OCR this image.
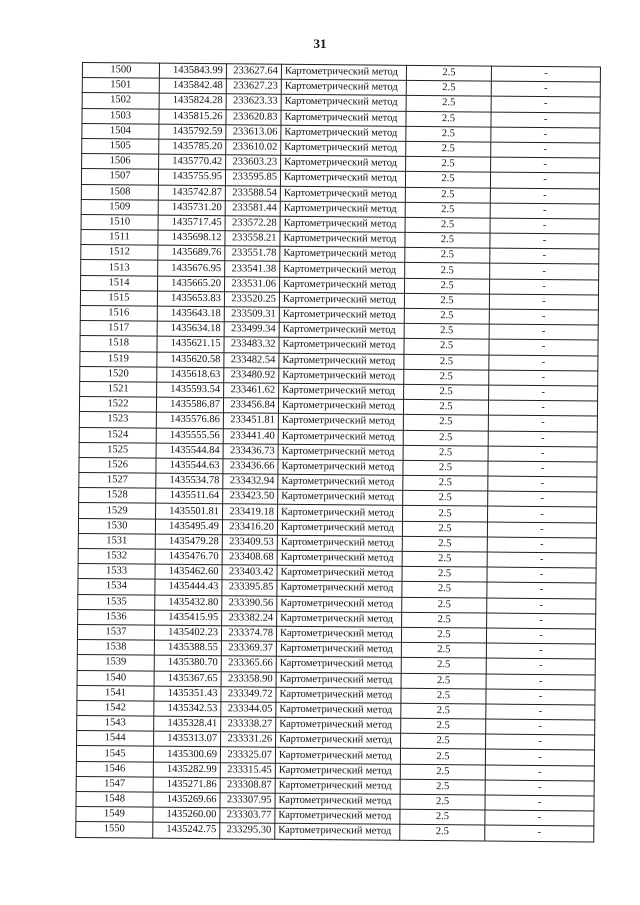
31
1500	1435843.99	233627.64	Картометрический метод	2.5	-
1501	1435842.48	233627.23	Картометрический метод	2.5	-
1502	1435824.28	233623.33	Картометрический метод	2.5	-
1503	1435815.26	233620.83	Картометрический метод	2.5	-
1504	1435792.59	233613.06	Картометрический метод	2.5	-
1505	1435785.20	233610.02	Картометрический метод	2.5	-
1506	1435770.42	233603.23	Картометрический метод	2.5	-
1507	1435755.95	233595.85	Картометрический метод	2.5	-
1508	1435742.87	233588.54	Картометрический метод	2.5	-
1509	1435731.20	233581.44	Картометрический метод	2.5	-
1510	1435717.45	233572.28	Картометрический метод	2.5	-
1511	1435698.12	233558.21	Картометрический метод	2.5	-
1512	1435689.76	233551.78	Картометрический метод	2.5	-
1513	1435676.95	233541.38	Картометрический метод	2.5	-
1514	1435665.20	233531.06	Картометрический метод	2.5	-
1515	1435653.83	233520.25	Картометрический метод	2.5	-
1516	1435643.18	233509.31	Картометрический метод	2.5	-
1517	1435634.18	233499.34	Картометрический метод	2.5	-
1518	1435621.15	233483.32	Картометрический метод	2.5	-
1519	1435620.58	233482.54	Картометрический метод	2.5	-
1520	1435618.63	233480.92	Картометрический метод	2.5	-
1521	1435593.54	233461.62	Картометрический метод	2.5	-
1522	1435586.87	233456.84	Картометрический метод	2.5	-
1523	1435576.86	233451.81	Картометрический метод	2.5	-
1524	1435555.56	233441.40	Картометрический метод	2.5	-
1525	1435544.84	233436.73	Картометрический метод	2.5	-
1526	1435544.63	233436.66	Картометрический метод	2.5	-
1527	1435534.78	233432.94	Картометрический метод	2.5	-
1528	1435511.64	233423.50	Картометрический метод	2.5	-
1529	1435501.81	233419.18	Картометрический метод	2.5	-
1530	1435495.49	233416.20	Картометрический метод	2.5	-
1531	1435479.28	233409.53	Картометрический метод	2.5	-
1532	1435476.70	233408.68	Картометрический метод	2.5	-
1533	1435462.60	233403.42	Картометрический метод	2.5	-
1534	1435444.43	233395.85	Картометрический метод	2.5	-
1535	1435432.80	233390.56	Картометрический метод	2.5	-
1536	1435415.95	233382.24	Картометрический метод	2.5	-
1537	1435402.23	233374.78	Картометрический метод	2.5	-
1538	1435388.55	233369.37	Картометрический метод	2.5	-
1539	1435380.70	233365.66	Картометрический метод	2.5	-
1540	1435367.65	233358.90	Картометрический метод	2.5	-
1541	1435351.43	233349.72	Картометрический метод	2.5	-
1542	1435342.53	233344.05	Картометрический метод	2.5	-
1543	1435328.41	233338.27	Картометрический метод	2.5	-
1544	1435313.07	233331.26	Картометрический метод	2.5	-
1545	1435300.69	233325.07	Картометрический метод	2.5	-
1546	1435282.99	233315.45	Картометрический метод	2.5	-
1547	1435271.86	233308.87	Картометрический метод	2.5	-
1548	1435269.66	233307.95	Картометрический метод	2.5	-
1549	1435260.00	233303.77	Картометрический метод	2.5	-
1550	1435242.75	233295.30	Картометрический метод	2.5	-
